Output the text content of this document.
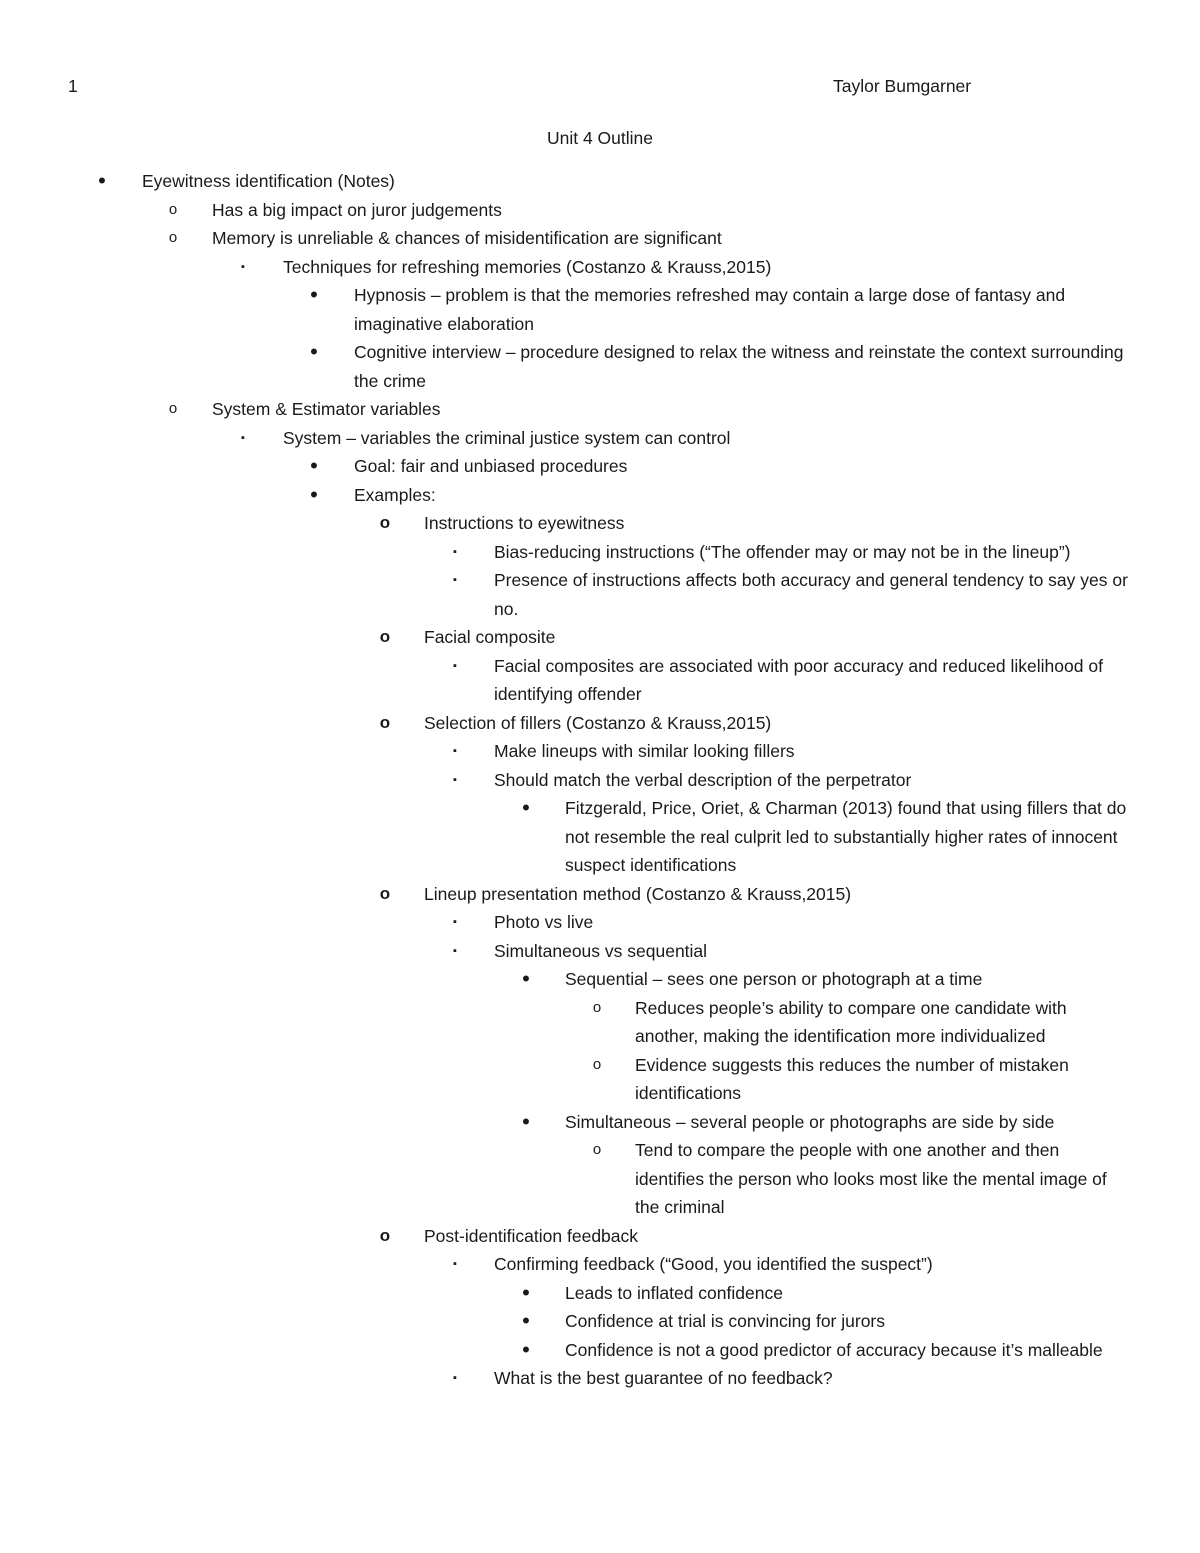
1	Taylor Bumgarner
Unit 4 Outline
• Eyewitness identification (Notes)
o Has a big impact on juror judgements
o Memory is unreliable & chances of misidentification are significant
▪ Techniques for refreshing memories (Costanzo & Krauss,2015)
• Hypnosis – problem is that the memories refreshed may contain a large dose of fantasy and imaginative elaboration
• Cognitive interview – procedure designed to relax the witness and reinstate the context surrounding the crime
o System & Estimator variables
▪ System – variables the criminal justice system can control
• Goal: fair and unbiased procedures
• Examples:
o Instructions to eyewitness
▪ Bias-reducing instructions (“The offender may or may not be in the lineup”)
▪ Presence of instructions affects both accuracy and general tendency to say yes or no.
o Facial composite
▪ Facial composites are associated with poor accuracy and reduced likelihood of identifying offender
o Selection of fillers (Costanzo & Krauss,2015)
▪ Make lineups with similar looking fillers
▪ Should match the verbal description of the perpetrator
• Fitzgerald, Price, Oriet, & Charman (2013) found that using fillers that do not resemble the real culprit led to substantially higher rates of innocent suspect identifications
o Lineup presentation method (Costanzo & Krauss,2015)
▪ Photo vs live
▪ Simultaneous vs sequential
• Sequential – sees one person or photograph at a time
o Reduces people’s ability to compare one candidate with another, making the identification more individualized
o Evidence suggests this reduces the number of mistaken identifications
• Simultaneous – several people or photographs are side by side
o Tend to compare the people with one another and then identifies the person who looks most like the mental image of the criminal
o Post-identification feedback
▪ Confirming feedback (“Good, you identified the suspect”)
• Leads to inflated confidence
• Confidence at trial is convincing for jurors
• Confidence is not a good predictor of accuracy because it’s malleable
▪ What is the best guarantee of no feedback?
